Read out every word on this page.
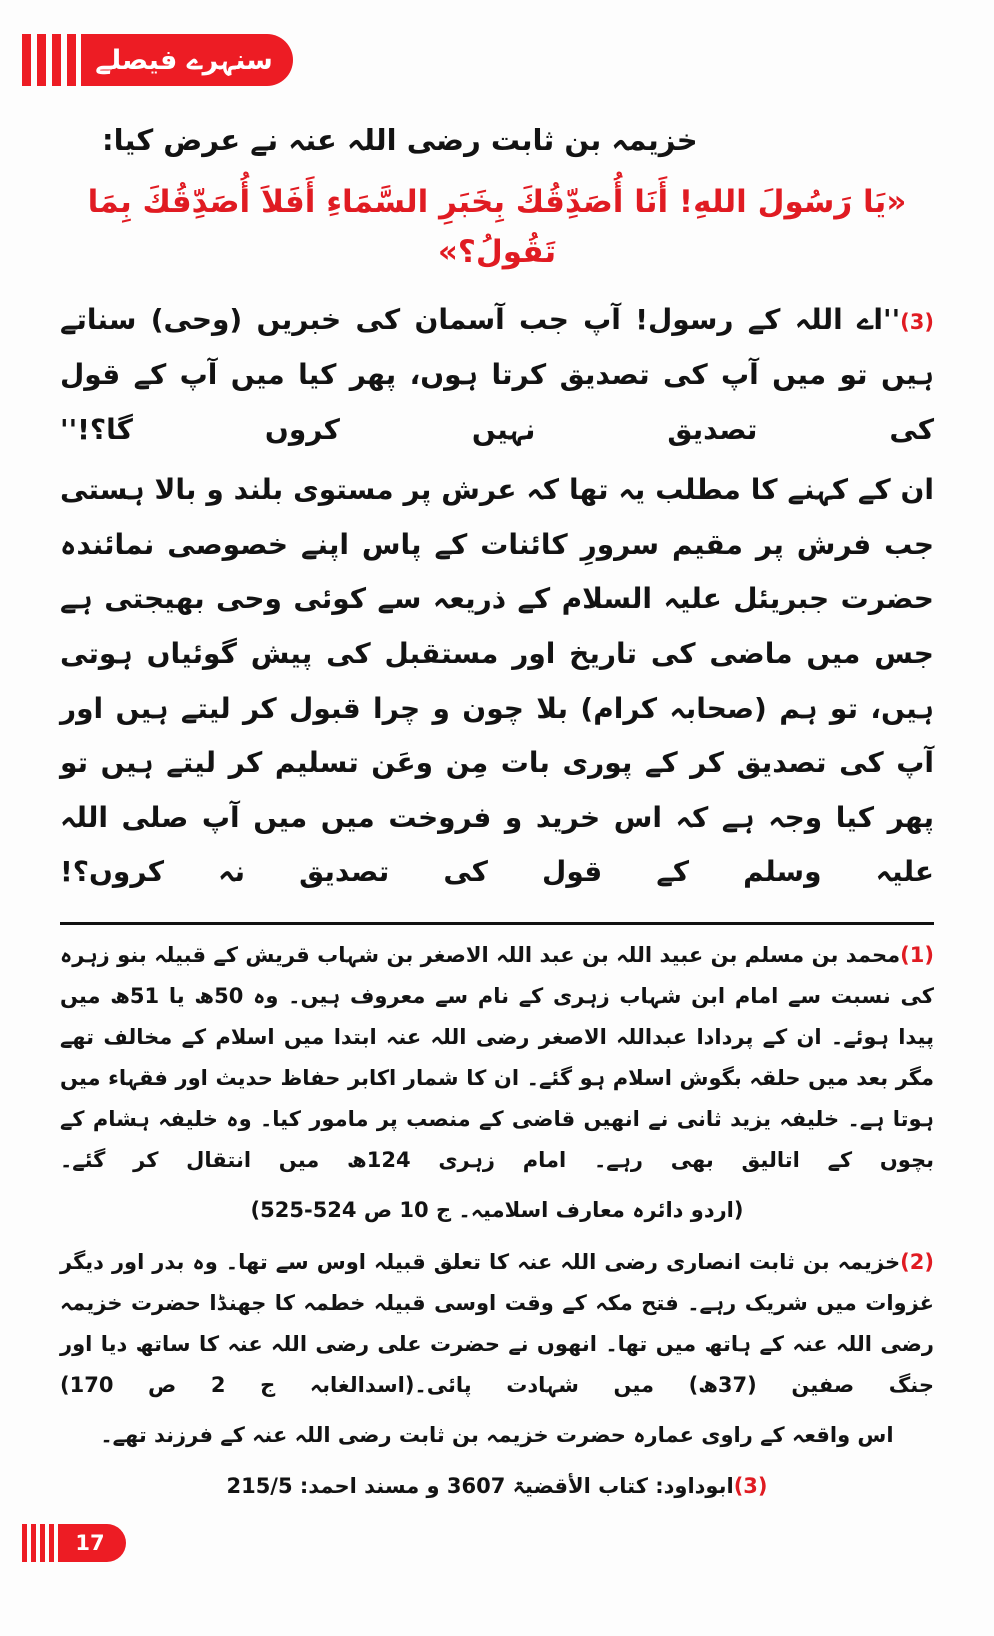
سنہرے فیصلے

خزیمہ بن ثابت رضی اللہ عنہ نے عرض کیا:

«يَا رَسُولَ اللهِ! أَنَا أُصَدِّقُكَ بِخَبَرِ السَّمَاءِ أَفَلاَ أُصَدِّقُكَ بِمَا تَقُولُ؟»

(3)''اے اللہ کے رسول! آپ جب آسمان کی خبریں (وحی) سناتے ہیں تو میں آپ کی تصدیق کرتا ہوں، پھر کیا میں آپ کے قول کی تصدیق نہیں کروں گا؟!''

ان کے کہنے کا مطلب یہ تھا کہ عرش پر مستوی بلند و بالا ہستی جب فرش پر مقیم سرورِ کائنات کے پاس اپنے خصوصی نمائندہ حضرت جبریئل علیہ السلام کے ذریعہ سے کوئی وحی بھیجتی ہے جس میں ماضی کی تاریخ اور مستقبل کی پیش گوئیاں ہوتی ہیں، تو ہم (صحابہ کرام) بلا چون و چرا قبول کر لیتے ہیں اور آپ کی تصدیق کر کے پوری بات مِن وعَن تسلیم کر لیتے ہیں تو پھر کیا وجہ ہے کہ اس خرید و فروخت میں میں آپ صلی اللہ علیہ وسلم کے قول کی تصدیق نہ کروں؟!

(1)محمد بن مسلم بن عبید اللہ بن عبد اللہ الاصغر بن شہاب قریش کے قبیلہ بنو زہرہ کی نسبت سے امام ابن شہاب زہری کے نام سے معروف ہیں۔ وہ 50ھ یا 51ھ میں پیدا ہوئے۔ ان کے پردادا عبداللہ الاصغر رضی اللہ عنہ ابتدا میں اسلام کے مخالف تھے مگر بعد میں حلقہ بگوش اسلام ہو گئے۔ ان کا شمار اکابر حفاظ حدیث اور فقہاء میں ہوتا ہے۔ خلیفہ یزید ثانی نے انھیں قاضی کے منصب پر مامور کیا۔ وہ خلیفہ ہشام کے بچوں کے اتالیق بھی رہے۔ امام زہری 124ھ میں انتقال کر گئے۔

(اردو دائرہ معارف اسلامیہ۔ ج 10 ص 524-525)

(2)خزیمہ بن ثابت انصاری رضی اللہ عنہ کا تعلق قبیلہ اوس سے تھا۔ وہ بدر اور دیگر غزوات میں شریک رہے۔ فتح مکہ کے وقت اوسی قبیلہ خطمہ کا جھنڈا حضرت خزیمہ رضی اللہ عنہ کے ہاتھ میں تھا۔ انھوں نے حضرت علی رضی اللہ عنہ کا ساتھ دیا اور جنگ صفین (37ھ) میں شہادت پائی۔(اسدالغابہ ج 2 ص 170)

اس واقعہ کے راوی عمارہ حضرت خزیمہ بن ثابت رضی اللہ عنہ کے فرزند تھے۔

(3)ابوداود: کتاب الأقضیۃ 3607 و مسند احمد: 215/5

17
